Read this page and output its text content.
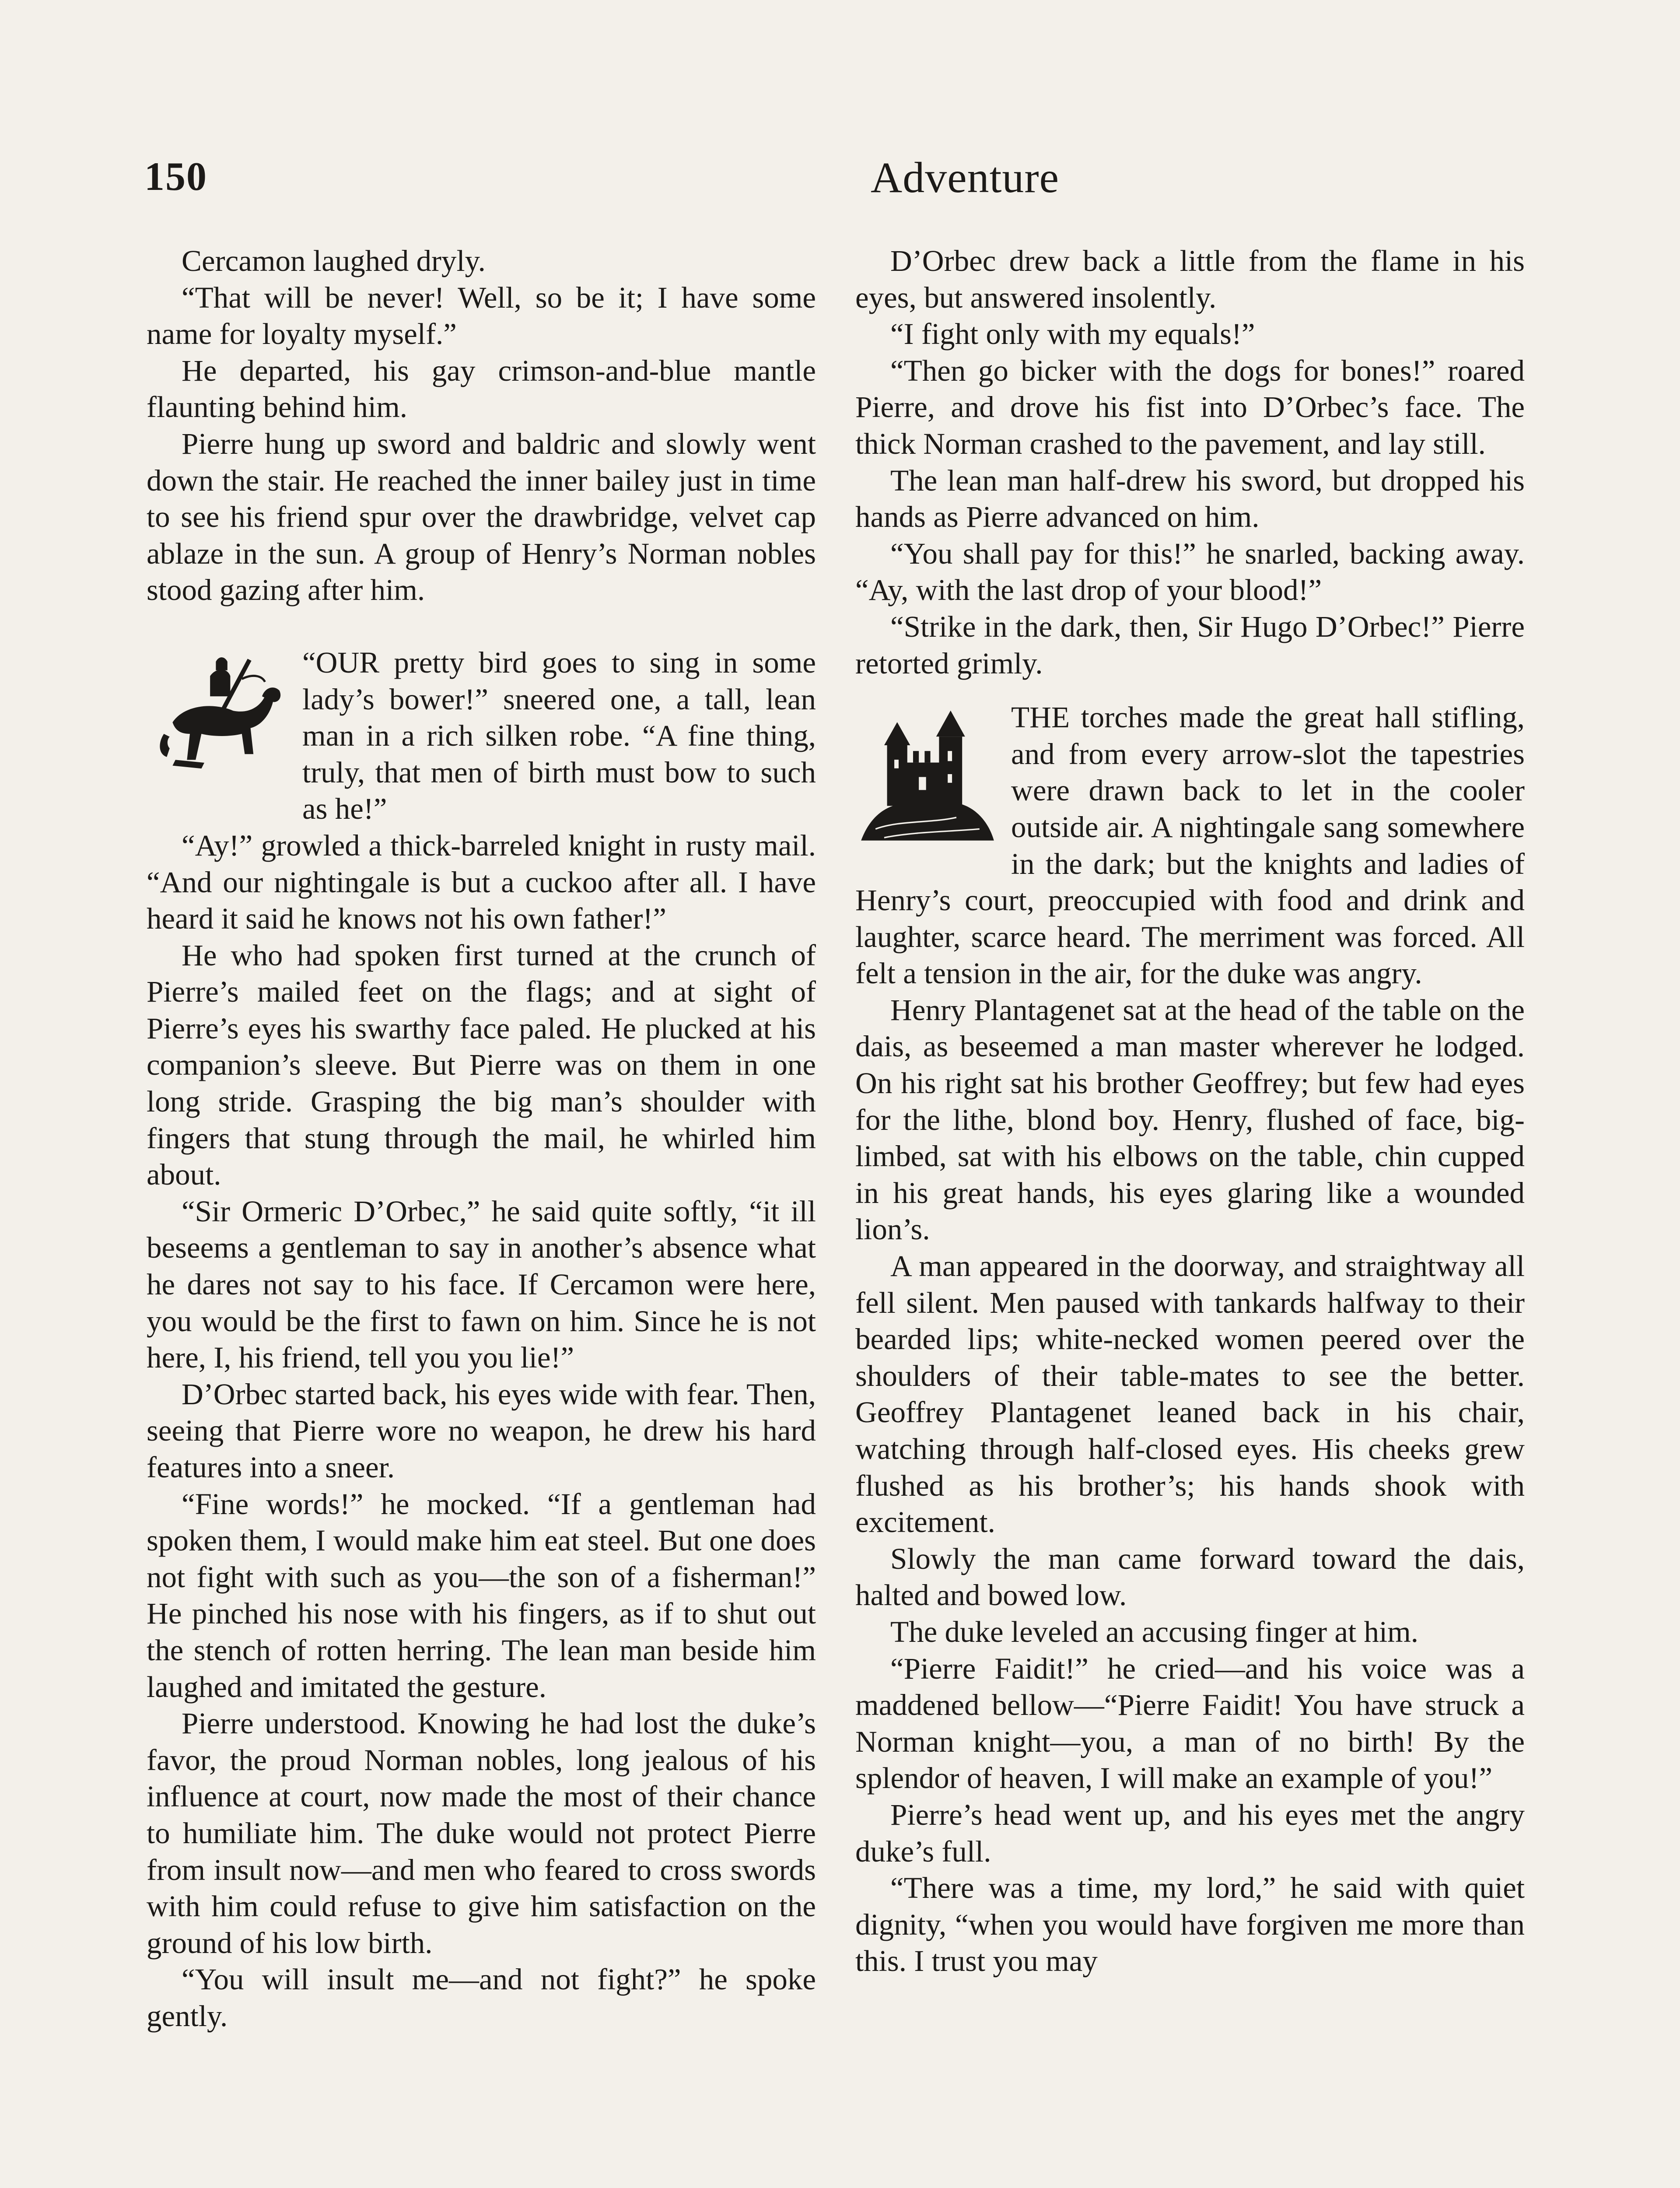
150	Adventure

Cercamon laughed dryly.

“That will be never! Well, so be it; I have some name for loyalty myself.”

He departed, his gay crimson-and-blue mantle flaunting behind him.

Pierre hung up sword and baldric and slowly went down the stair. He reached the inner bailey just in time to see his friend spur over the drawbridge, velvet cap ablaze in the sun. A group of Henry’s Norman nobles stood gazing after him.

“OUR pretty bird goes to sing in some lady’s bower!” sneered one, a tall, lean man in a rich silken robe. “A fine thing, truly, that men of birth must bow to such as he!”

“Ay!” growled a thick-barreled knight in rusty mail. “And our nightingale is but a cuckoo after all. I have heard it said he knows not his own father!”

He who had spoken first turned at the crunch of Pierre’s mailed feet on the flags; and at sight of Pierre’s eyes his swarthy face paled. He plucked at his companion’s sleeve. But Pierre was on them in one long stride. Grasping the big man’s shoulder with fingers that stung through the mail, he whirled him about.

“Sir Ormeric D’Orbec,” he said quite softly, “it ill beseems a gentleman to say in another’s absence what he dares not say to his face. If Cercamon were here, you would be the first to fawn on him. Since he is not here, I, his friend, tell you you lie!”

D’Orbec started back, his eyes wide with fear. Then, seeing that Pierre wore no weapon, he drew his hard features into a sneer.

“Fine words!” he mocked. “If a gentleman had spoken them, I would make him eat steel. But one does not fight with such as you—the son of a fisherman!” He pinched his nose with his fingers, as if to shut out the stench of rotten herring. The lean man beside him laughed and imitated the gesture.

Pierre understood. Knowing he had lost the duke’s favor, the proud Norman nobles, long jealous of his influence at court, now made the most of their chance to humiliate him. The duke would not protect Pierre from insult now—and men who feared to cross swords with him could refuse to give him satisfaction on the ground of his low birth.

“You will insult me—and not fight?” he spoke gently.

D’Orbec drew back a little from the flame in his eyes, but answered insolently.

“I fight only with my equals!”

“Then go bicker with the dogs for bones!” roared Pierre, and drove his fist into D’Orbec’s face. The thick Norman crashed to the pavement, and lay still.

The lean man half-drew his sword, but dropped his hands as Pierre advanced on him.

“You shall pay for this!” he snarled, backing away. “Ay, with the last drop of your blood!”

“Strike in the dark, then, Sir Hugo D’Orbec!” Pierre retorted grimly.

THE torches made the great hall stifling, and from every arrow-slot the tapestries were drawn back to let in the cooler outside air. A nightingale sang somewhere in the dark; but the knights and ladies of Henry’s court, preoccupied with food and drink and laughter, scarce heard. The merriment was forced. All felt a tension in the air, for the duke was angry.

Henry Plantagenet sat at the head of the table on the dais, as beseemed a man master wherever he lodged. On his right sat his brother Geoffrey; but few had eyes for the lithe, blond boy. Henry, flushed of face, big-limbed, sat with his elbows on the table, chin cupped in his great hands, his eyes glaring like a wounded lion’s.

A man appeared in the doorway, and straightway all fell silent. Men paused with tankards halfway to their bearded lips; white-necked women peered over the shoulders of their table-mates to see the better. Geoffrey Plantagenet leaned back in his chair, watching through half-closed eyes. His cheeks grew flushed as his brother’s; his hands shook with excitement.

Slowly the man came forward toward the dais, halted and bowed low.

The duke leveled an accusing finger at him.

“Pierre Faidit!” he cried—and his voice was a maddened bellow—“Pierre Faidit! You have struck a Norman knight—you, a man of no birth! By the splendor of heaven, I will make an example of you!”

Pierre’s head went up, and his eyes met the angry duke’s full.

“There was a time, my lord,” he said with quiet dignity, “when you would have forgiven me more than this. I trust you may
